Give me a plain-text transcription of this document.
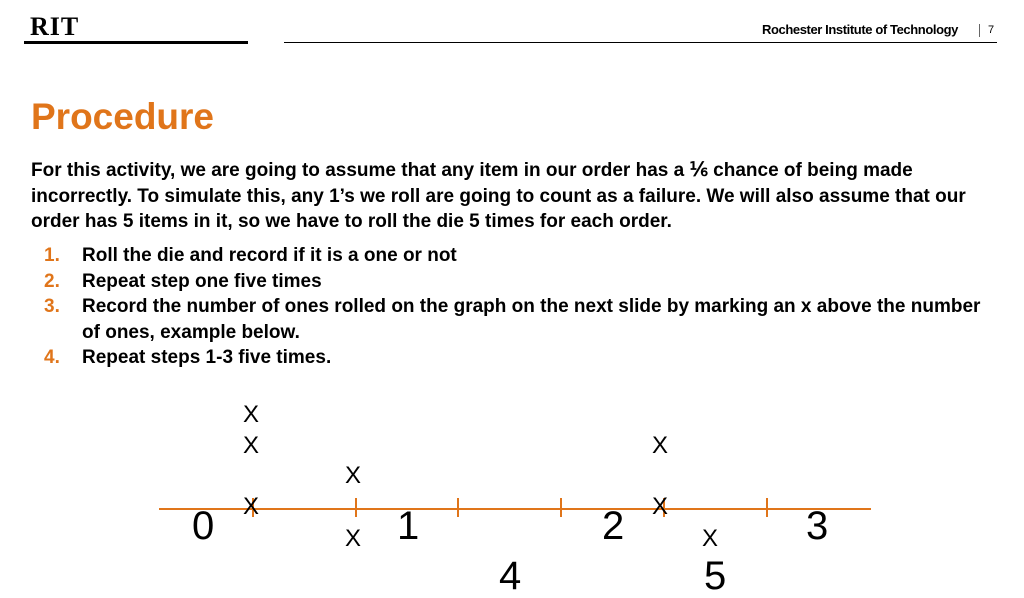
RIT	Rochester Institute of Technology	7
Procedure

For this activity, we are going to assume that any item in our order has a ⅙ chance of being made incorrectly. To simulate this, any 1’s we roll are going to count as a failure. We will also assume that our order has 5 items in it, so we have to roll the die 5 times for each order.

1. Roll the die and record if it is a one or not
2. Repeat step one five times
3. Record the number of ones rolled on the graph on the next slide by marking an x above the number of ones, example below.
4. Repeat steps 1-3 five times.
0	1	2	3
4	5
X
X
X
X
X
X
X
X
